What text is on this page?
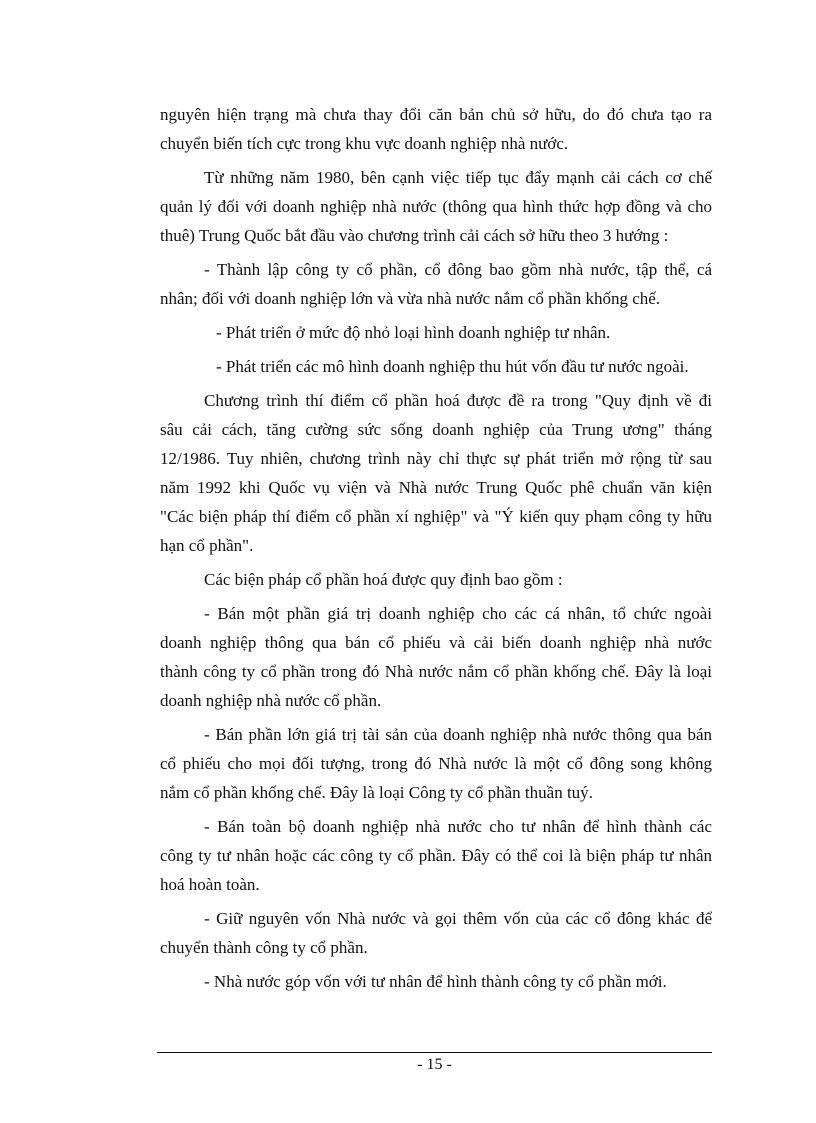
nguyên hiện trạng mà chưa thay đổi căn bản chủ sở hữu, do đó chưa tạo ra
chuyển biến tích cực trong khu vực doanh nghiệp nhà nước.
Từ những năm 1980, bên cạnh việc tiếp tục đẩy mạnh cải cách cơ chế
quản lý đối với doanh nghiệp nhà nước (thông qua hình thức hợp đồng và cho
thuê) Trung Quốc bắt đầu vào chương trình cải cách sở hữu theo 3 hướng :
- Thành lập công ty cổ phần, cổ đông bao gồm nhà nước, tập thể, cá
nhân; đối với doanh nghiệp lớn và vừa nhà nước nắm cổ phần khống chế.
- Phát triển ở mức độ nhỏ loại hình doanh nghiệp tư nhân.
- Phát triển các mô hình doanh nghiệp thu hút vốn đầu tư nước ngoài.
Chương trình thí điểm cổ phần hoá được đề ra trong "Quy định về đi
sâu cải cách, tăng cường sức sống doanh nghiệp của Trung ương" tháng
12/1986. Tuy nhiên, chương trình này chỉ thực sự phát triển mở rộng từ sau
năm 1992 khi Quốc vụ viện và Nhà nước Trung Quốc phê chuẩn văn kiện
"Các biện pháp thí điểm cổ phần xí nghiệp" và "Ý kiến quy phạm công ty hữu
hạn cổ phần".
Các biện pháp cổ phần hoá được quy định bao gồm :
- Bán một phần giá trị doanh nghiệp cho các cá nhân, tổ chức ngoài
doanh nghiệp thông qua bán cổ phiếu và cải biến doanh nghiệp nhà nước
thành công ty cổ phần trong đó Nhà nước nắm cổ phần khống chế. Đây là loại
doanh nghiệp nhà nước cổ phần.
- Bán phần lớn giá trị tài sản của doanh nghiệp nhà nước thông qua bán
cổ phiếu cho mọi đối tượng, trong đó Nhà nước là một cổ đông song không
nắm cổ phần khống chế. Đây là loại Công ty cổ phần thuần tuý.
- Bán toàn bộ doanh nghiệp nhà nước cho tư nhân để hình thành các
công ty tư nhân hoặc các công ty cổ phần. Đây có thể coi là biện pháp tư nhân
hoá hoàn toàn.
- Giữ nguyên vốn Nhà nước và gọi thêm vốn của các cổ đông khác để
chuyển thành công ty cổ phần.
- Nhà nước góp vốn với tư nhân để hình thành công ty cổ phần mới.
- 15 -
